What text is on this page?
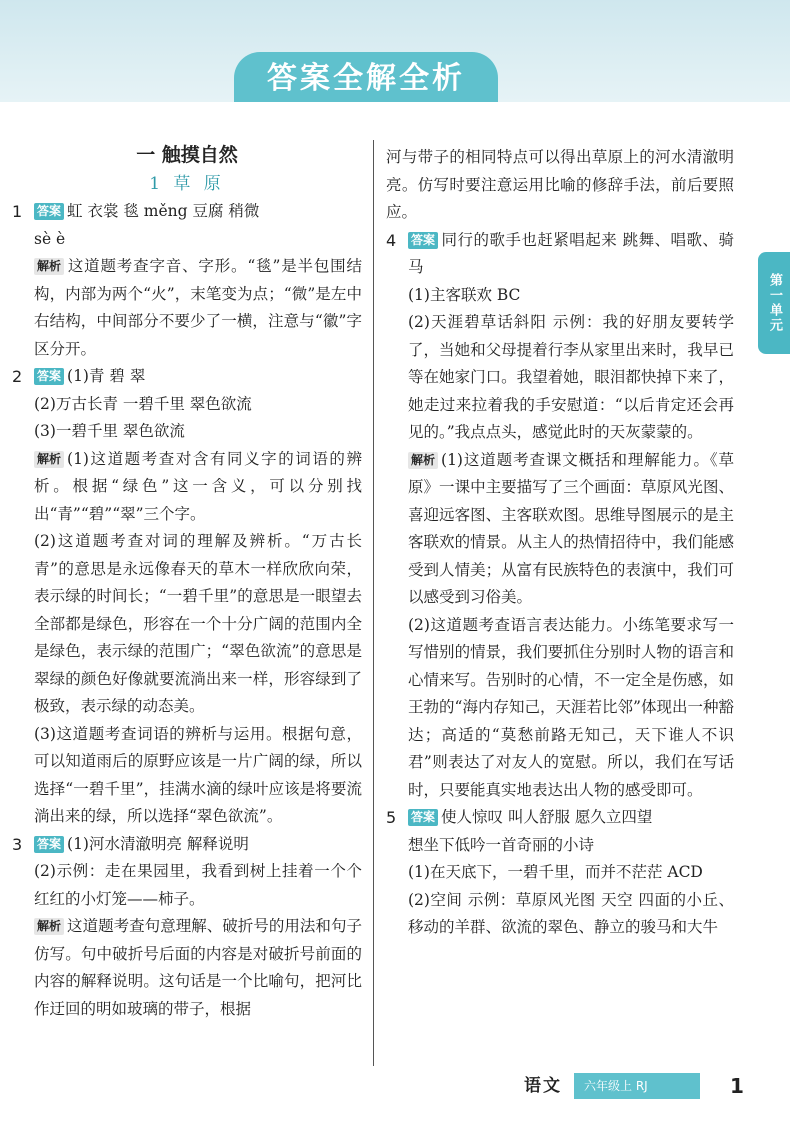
答案全解全析
第一单元
一 触摸自然
1 草 原
1 答案 虹 衣裳 毯 měng 豆腐 稍微

sè è

解析 这道题考查字音、字形。“毯”是半包围结构，内部为两个“火”，末笔变为点；“微”是左中右结构，中间部分不要少了一横，注意与“徽”字区分开。

2 答案 (1)青 碧 翠

(2)万古长青 一碧千里 翠色欲流

(3)一碧千里 翠色欲流

解析 (1)这道题考查对含有同义字的词语的辨析。根据“绿色”这一含义，可以分别找出“青”“碧”“翠”三个字。

(2)这道题考查对词的理解及辨析。“万古长青”的意思是永远像春天的草木一样欣欣向荣，表示绿的时间长；“一碧千里”的意思是一眼望去全部都是绿色，形容在一个十分广阔的范围内全是绿色，表示绿的范围广；“翠色欲流”的意思是翠绿的颜色好像就要流淌出来一样，形容绿到了极致，表示绿的动态美。

(3)这道题考查词语的辨析与运用。根据句意，可以知道雨后的原野应该是一片广阔的绿，所以选择“一碧千里”，挂满水滴的绿叶应该是将要流淌出来的绿，所以选择“翠色欲流”。

3 答案 (1)河水清澈明亮 解释说明

(2)示例：走在果园里，我看到树上挂着一个个红红的小灯笼——柿子。

解析 这道题考查句意理解、破折号的用法和句子仿写。句中破折号后面的内容是对破折号前面的内容的解释说明。这句话是一个比喻句，把河比作迂回的明如玻璃的带子，根据

河与带子的相同特点可以得出草原上的河水清澈明亮。仿写时要注意运用比喻的修辞手法，前后要照应。

4 答案 同行的歌手也赶紧唱起来 跳舞、唱歌、骑马

(1)主客联欢 BC

(2)天涯碧草话斜阳 示例：我的好朋友要转学了，当她和父母提着行李从家里出来时，我早已等在她家门口。我望着她，眼泪都快掉下来了，她走过来拉着我的手安慰道：“以后肯定还会再见的。”我点点头，感觉此时的天灰蒙蒙的。

解析 (1)这道题考查课文概括和理解能力。《草原》一课中主要描写了三个画面：草原风光图、喜迎远客图、主客联欢图。思维导图展示的是主客联欢的情景。从主人的热情招待中，我们能感受到人情美；从富有民族特色的表演中，我们可以感受到习俗美。

(2)这道题考查语言表达能力。小练笔要求写一写惜别的情景，我们要抓住分别时人物的语言和心情来写。告别时的心情，不一定全是伤感，如王勃的“海内存知己，天涯若比邻”体现出一种豁达；高适的“莫愁前路无知己，天下谁人不识君”则表达了对友人的宽慰。所以，我们在写话时，只要能真实地表达出人物的感受即可。

5 答案 使人惊叹 叫人舒服 愿久立四望

想坐下低吟一首奇丽的小诗

(1)在天底下，一碧千里，而并不茫茫 ACD

(2)空间 示例：草原风光图 天空 四面的小丘、移动的羊群、欲流的翠色、静立的骏马和大牛

语文	六年级上 RJ	1
